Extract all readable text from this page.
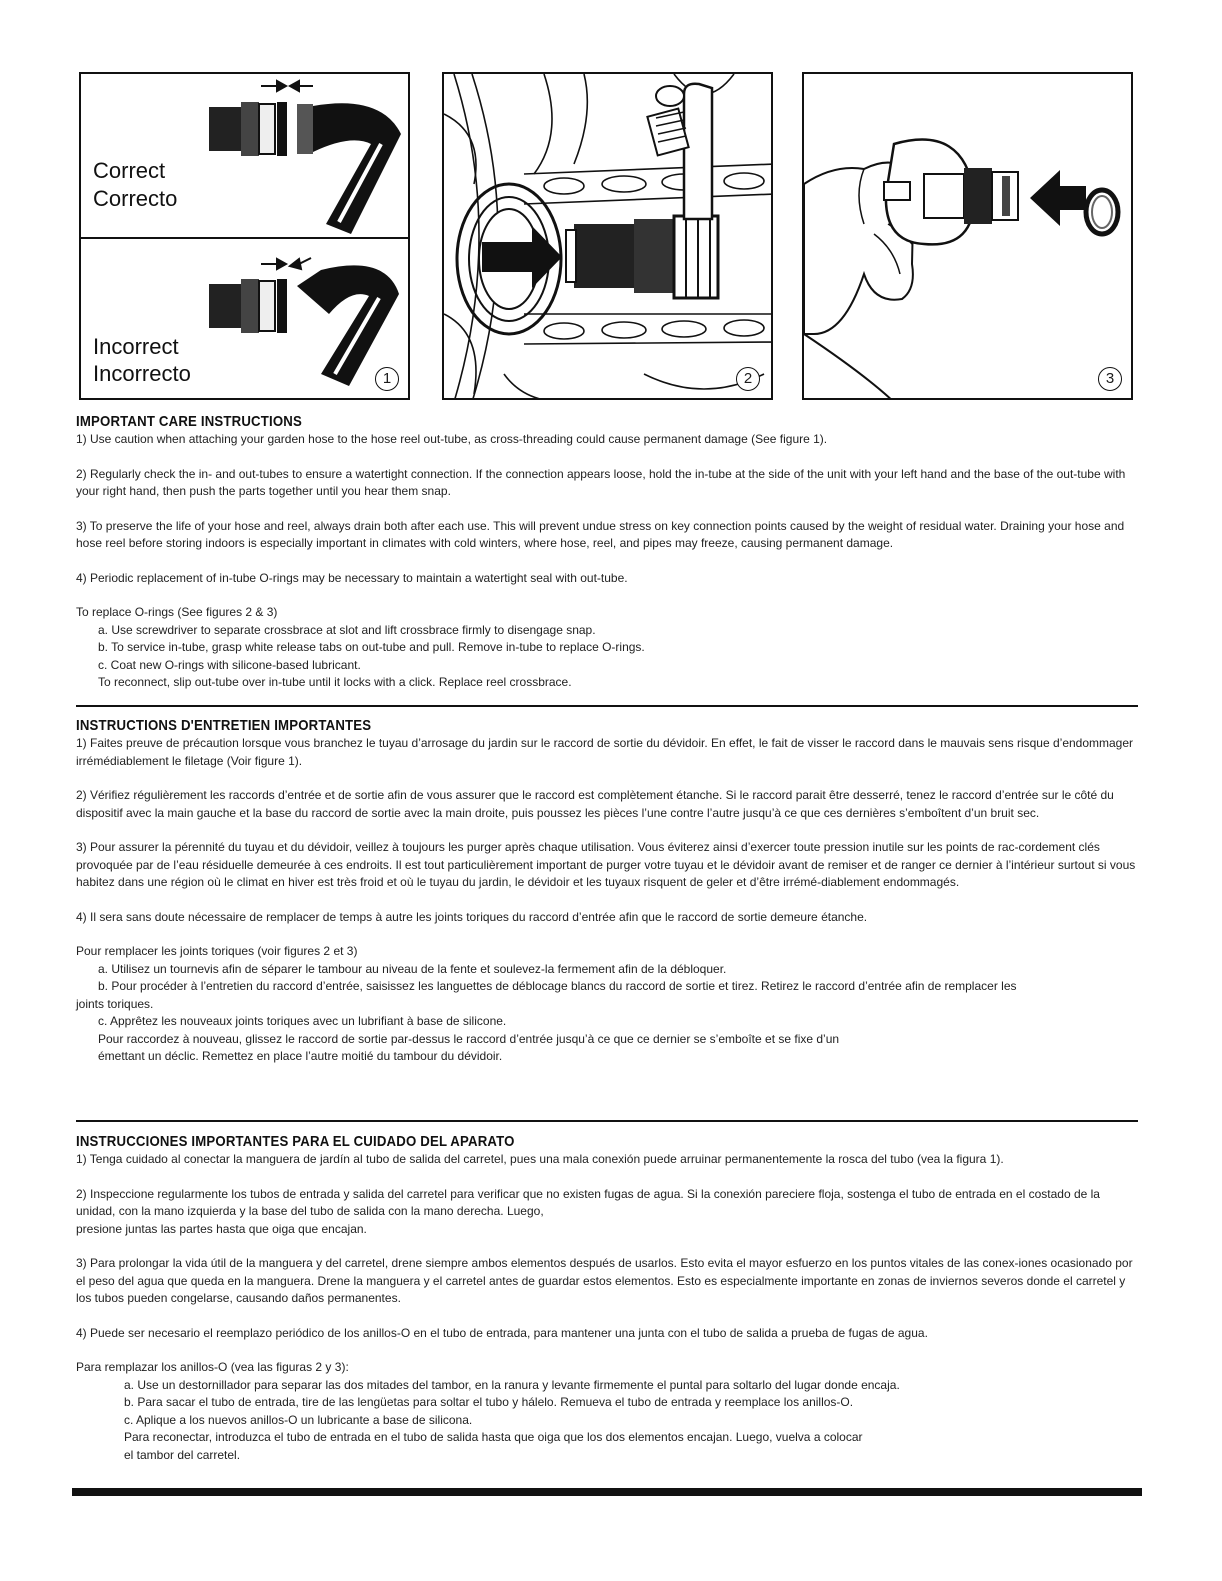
Correct
Correcto
Incorrect
Incorrecto	1	2	3
IMPORTANT CARE INSTRUCTIONS

1) Use caution when attaching your garden hose to the hose reel out-tube, as cross-threading could cause permanent damage (See figure 1).

2) Regularly check the in- and out-tubes to ensure a watertight connection. If the connection appears loose, hold the in-tube at the side of the unit with your left hand and the base of the out-tube with your right hand, then push the parts together until you hear them snap.

3) To preserve the life of your hose and reel, always drain both after each use. This will prevent undue stress on key connection points caused by the weight of residual water. Draining your hose and hose reel before storing indoors is especially important in climates with cold winters, where hose, reel, and pipes may freeze, causing permanent damage.

4) Periodic replacement of in-tube O-rings may be necessary to maintain a watertight seal with out-tube.

To replace O-rings (See figures 2 & 3)

a. Use screwdriver to separate crossbrace at slot and lift crossbrace firmly to disengage snap.

b. To service in-tube, grasp white release tabs on out-tube and pull. Remove in-tube to replace O-rings.

c. Coat new O-rings with silicone-based lubricant.

To reconnect, slip out-tube over in-tube until it locks with a click. Replace reel crossbrace.

INSTRUCTIONS D'ENTRETIEN IMPORTANTES

1) Faites preuve de précaution lorsque vous branchez le tuyau d’arrosage du jardin sur le raccord de sortie du dévidoir. En effet, le fait de visser le raccord dans le mauvais sens risque d’endommager irrémédiablement le filetage (Voir figure 1).

2) Vérifiez régulièrement les raccords d’entrée et de sortie afin de vous assurer que le raccord est complètement étanche. Si le raccord parait être desserré, tenez le raccord d’entrée sur le côté du dispositif avec la main gauche et la base du raccord de sortie avec la main droite, puis poussez les pièces l’une contre l’autre jusqu’à ce que ces dernières s’emboîtent d’un bruit sec.

3) Pour assurer la pérennité du tuyau et du dévidoir, veillez à toujours les purger après chaque utilisation. Vous éviterez ainsi d’exercer toute pression inutile sur les points de rac-cordement clés provoquée par de l’eau résiduelle demeurée à ces endroits. Il est tout particulièrement important de purger votre tuyau et le dévidoir avant de remiser et de ranger ce dernier à l’intérieur surtout si vous habitez dans une région où le climat en hiver est très froid et où le tuyau du jardin, le dévidoir et les tuyaux risquent de geler et d’être irrémé-diablement endommagés.

4) Il sera sans doute nécessaire de remplacer de temps à autre les joints toriques du raccord d’entrée afin que le raccord de sortie demeure étanche.

Pour remplacer les joints toriques (voir figures 2 et 3)

a. Utilisez un tournevis afin de séparer le tambour au niveau de la fente et soulevez-la fermement afin de la débloquer.

b. Pour procéder à l’entretien du raccord d’entrée, saisissez les languettes de déblocage blancs du raccord de sortie et tirez. Retirez le raccord d’entrée afin de remplacer les

joints toriques.

c. Apprêtez les nouveaux joints toriques avec un lubrifiant à base de silicone.

Pour raccordez à nouveau, glissez le raccord de sortie par-dessus le raccord d’entrée jusqu’à ce que ce dernier se s’emboîte et se fixe d’un

émettant un déclic. Remettez en place l’autre moitié du tambour du dévidoir.

INSTRUCCIONES IMPORTANTES PARA EL CUIDADO DEL APARATO

1) Tenga cuidado al conectar la manguera de jardín al tubo de salida del carretel, pues una mala conexión puede arruinar permanentemente la rosca del tubo (vea la figura 1).

2) Inspeccione regularmente los tubos de entrada y salida del carretel para verificar que no existen fugas de agua. Si la conexión pareciere floja, sostenga el tubo de entrada en el costado de la unidad, con la mano izquierda y la base del tubo de salida con la mano derecha. Luego,

presione juntas las partes hasta que oiga que encajan.

3) Para prolongar la vida útil de la manguera y del carretel, drene siempre ambos elementos después de usarlos. Esto evita el mayor esfuerzo en los puntos vitales de las conex-iones ocasionado por el peso del agua que queda en la manguera. Drene la manguera y el carretel antes de guardar estos elementos. Esto es especialmente importante en zonas de inviernos severos donde el carretel y los tubos pueden congelarse, causando daños permanentes.

4) Puede ser necesario el reemplazo periódico de los anillos-O en el tubo de entrada, para mantener una junta con el tubo de salida a prueba de fugas de agua.

Para remplazar los anillos-O (vea las figuras 2 y 3):

a. Use un destornillador para separar las dos mitades del tambor, en la ranura y levante firmemente el puntal para soltarlo del lugar donde encaja.

b. Para sacar el tubo de entrada, tire de las lengüetas para soltar el tubo y hálelo. Remueva el tubo de entrada y reemplace los anillos-O.

c. Aplique a los nuevos anillos-O un lubricante a base de silicona.

Para reconectar, introduzca el tubo de entrada en el tubo de salida hasta que oiga que los dos elementos encajan. Luego, vuelva a colocar

el tambor del carretel.
